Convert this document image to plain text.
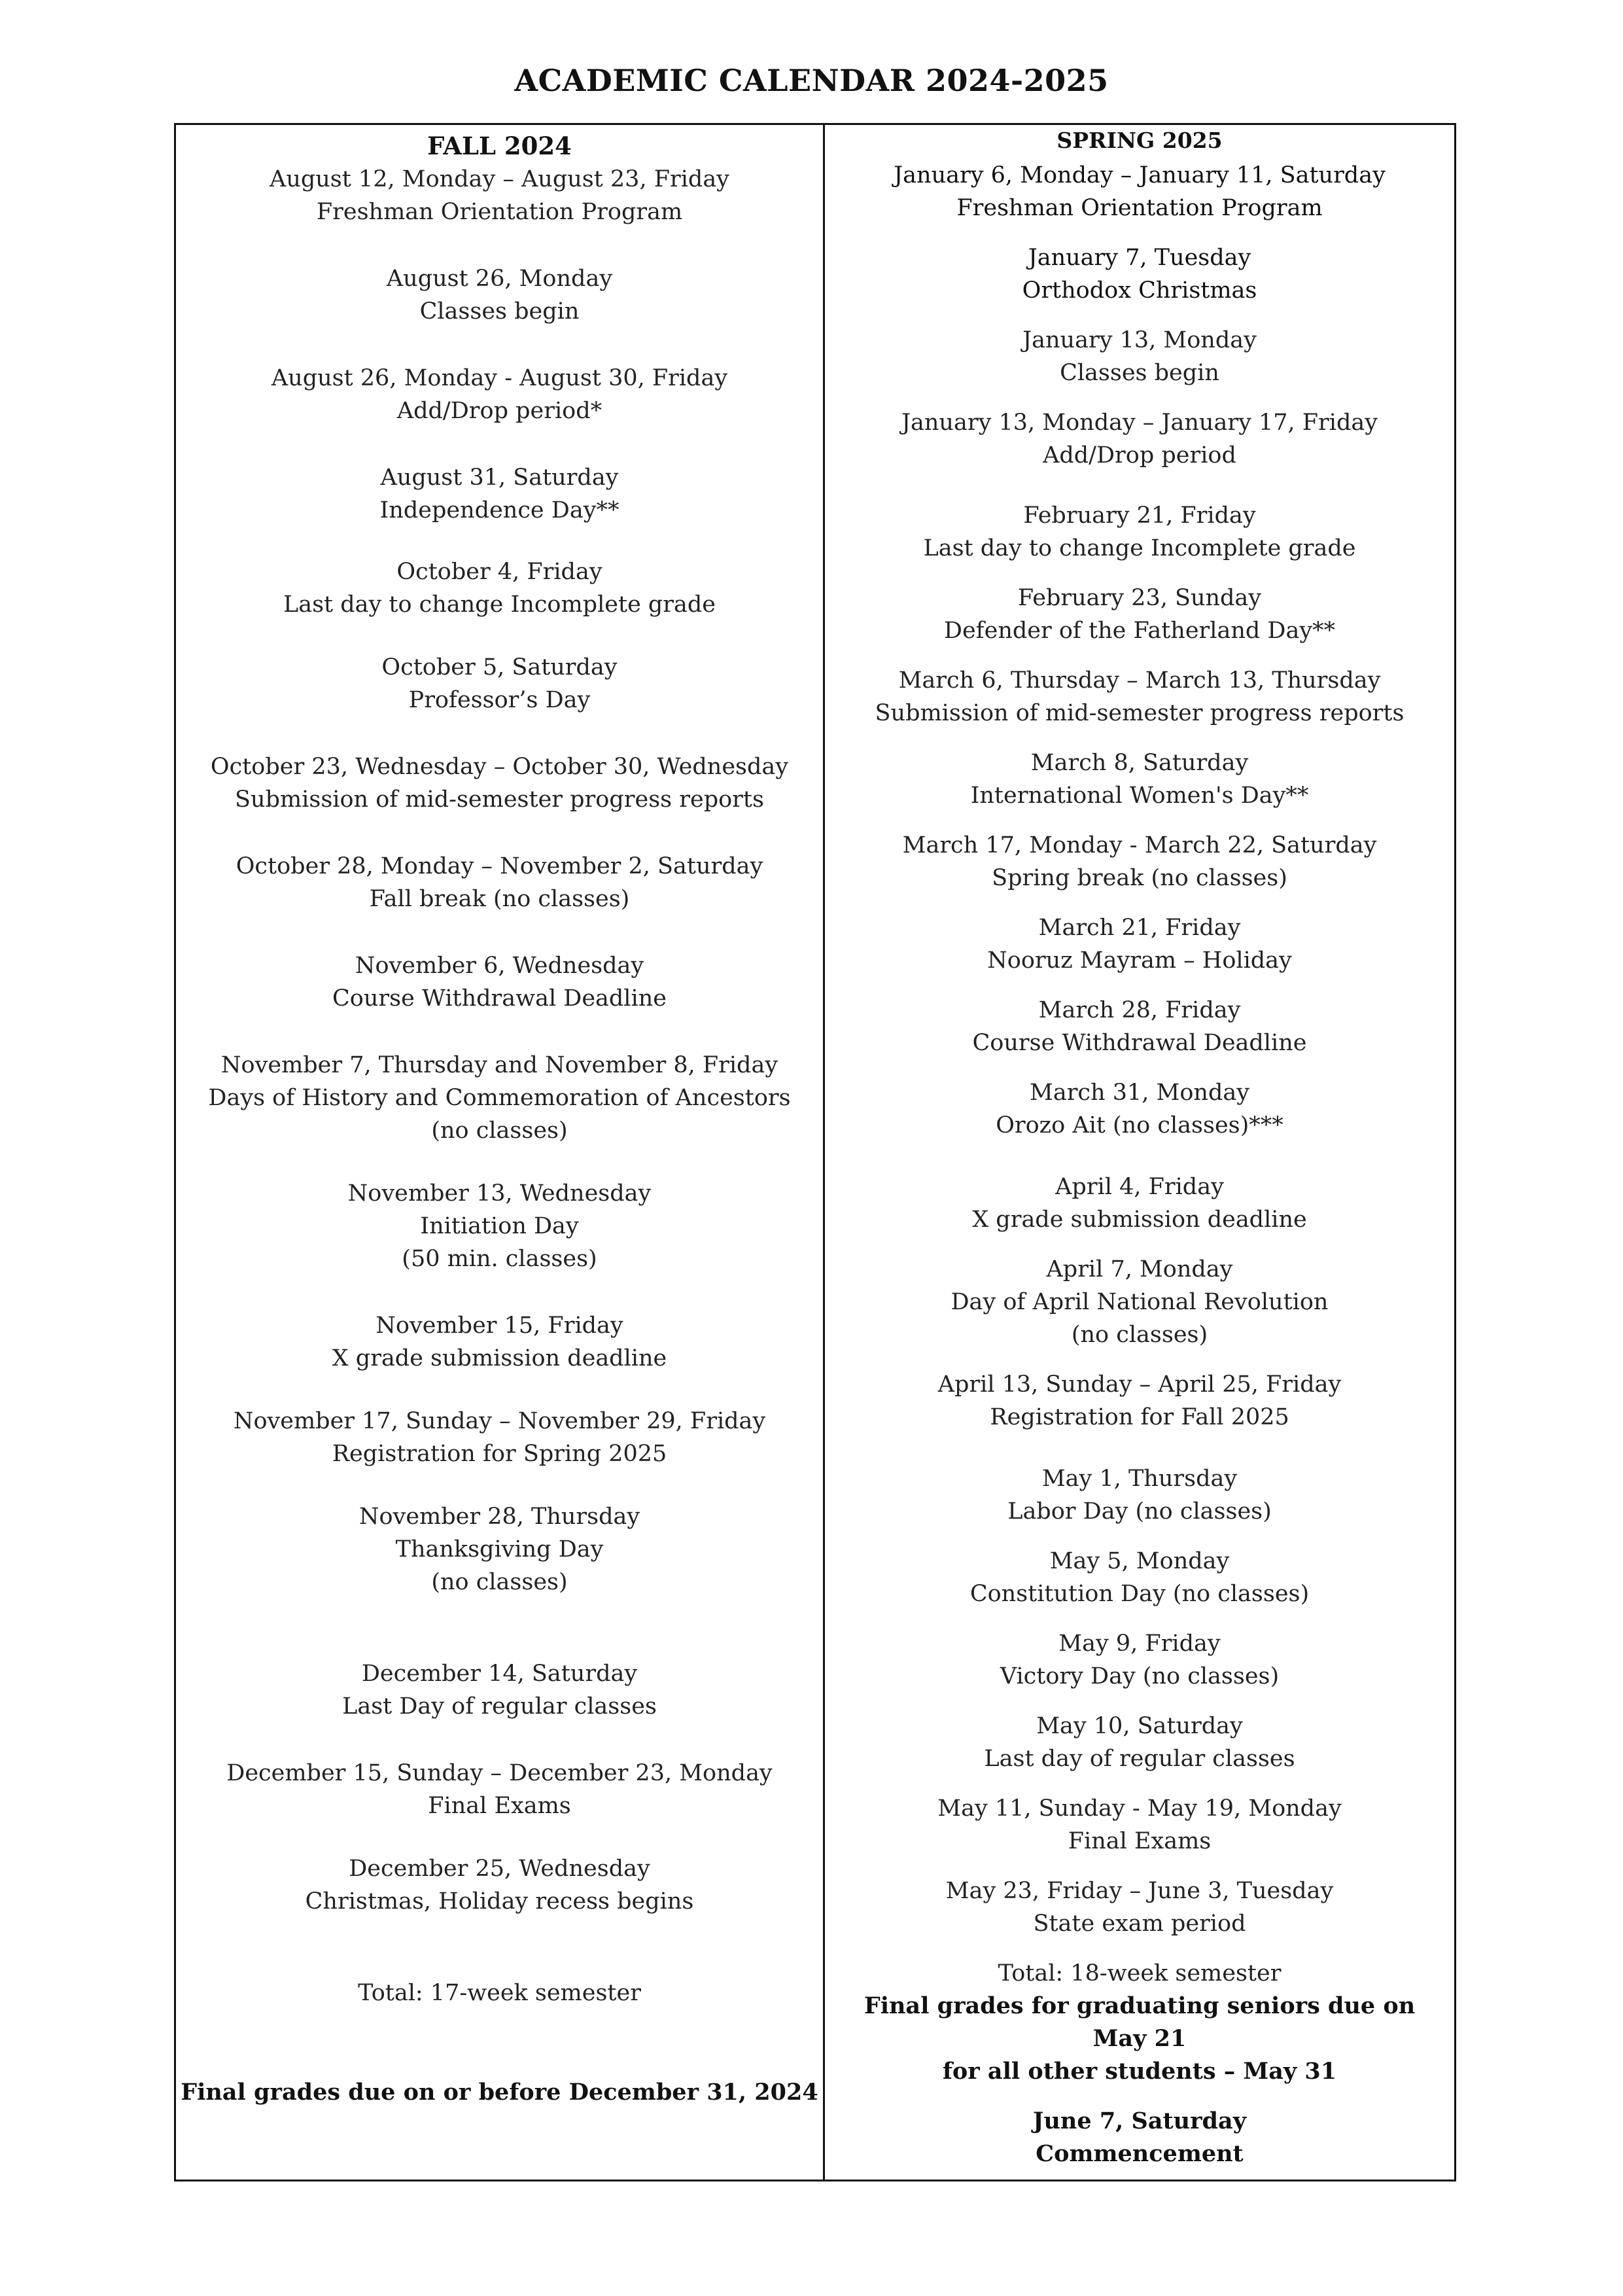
ACADEMIC CALENDAR 2024-2025
FALL 2024
August 12, Monday – August 23, Friday
Freshman Orientation Program
August 26, Monday
Classes begin
August 26, Monday - August 30, Friday
Add/Drop period*
August 31, Saturday
Independence Day**
October 4, Friday
Last day to change Incomplete grade
October 5, Saturday
Professor’s Day
October 23, Wednesday – October 30, Wednesday
Submission of mid-semester progress reports
October 28, Monday – November 2, Saturday
Fall break (no classes)
November 6, Wednesday
Course Withdrawal Deadline
November 7, Thursday and November 8, Friday
Days of History and Commemoration of Ancestors
(no classes)
November 13, Wednesday
Initiation Day
(50 min. classes)
November 15, Friday
X grade submission deadline
November 17, Sunday – November 29, Friday
Registration for Spring 2025
November 28, Thursday
Thanksgiving Day
(no classes)
December 14, Saturday
Last Day of regular classes
December 15, Sunday – December 23, Monday
Final Exams
December 25, Wednesday
Christmas, Holiday recess begins
Total: 17-week semester
Final grades due on or before December 31, 2024
SPRING 2025
January 6, Monday – January 11, Saturday
Freshman Orientation Program
January 7, Tuesday
Orthodox Christmas
January 13, Monday
Classes begin
January 13, Monday – January 17, Friday
Add/Drop period
February 21, Friday
Last day to change Incomplete grade
February 23, Sunday
Defender of the Fatherland Day**
March 6, Thursday – March 13, Thursday
Submission of mid-semester progress reports
March 8, Saturday
International Women's Day**
March 17, Monday - March 22, Saturday
Spring break (no classes)
March 21, Friday
Nooruz Mayram – Holiday
March 28, Friday
Course Withdrawal Deadline
March 31, Monday
Orozo Ait (no classes)***
April 4, Friday
X grade submission deadline
April 7, Monday
Day of April National Revolution
(no classes)
April 13, Sunday – April 25, Friday
Registration for Fall 2025
May 1, Thursday
Labor Day (no classes)
May 5, Monday
Constitution Day (no classes)
May 9, Friday
Victory Day (no classes)
May 10, Saturday
Last day of regular classes
May 11, Sunday - May 19, Monday
Final Exams
May 23, Friday – June 3, Tuesday
State exam period
Total: 18-week semester
Final grades for graduating seniors due on
May 21
for all other students – May 31
June 7, Saturday
Commencement
